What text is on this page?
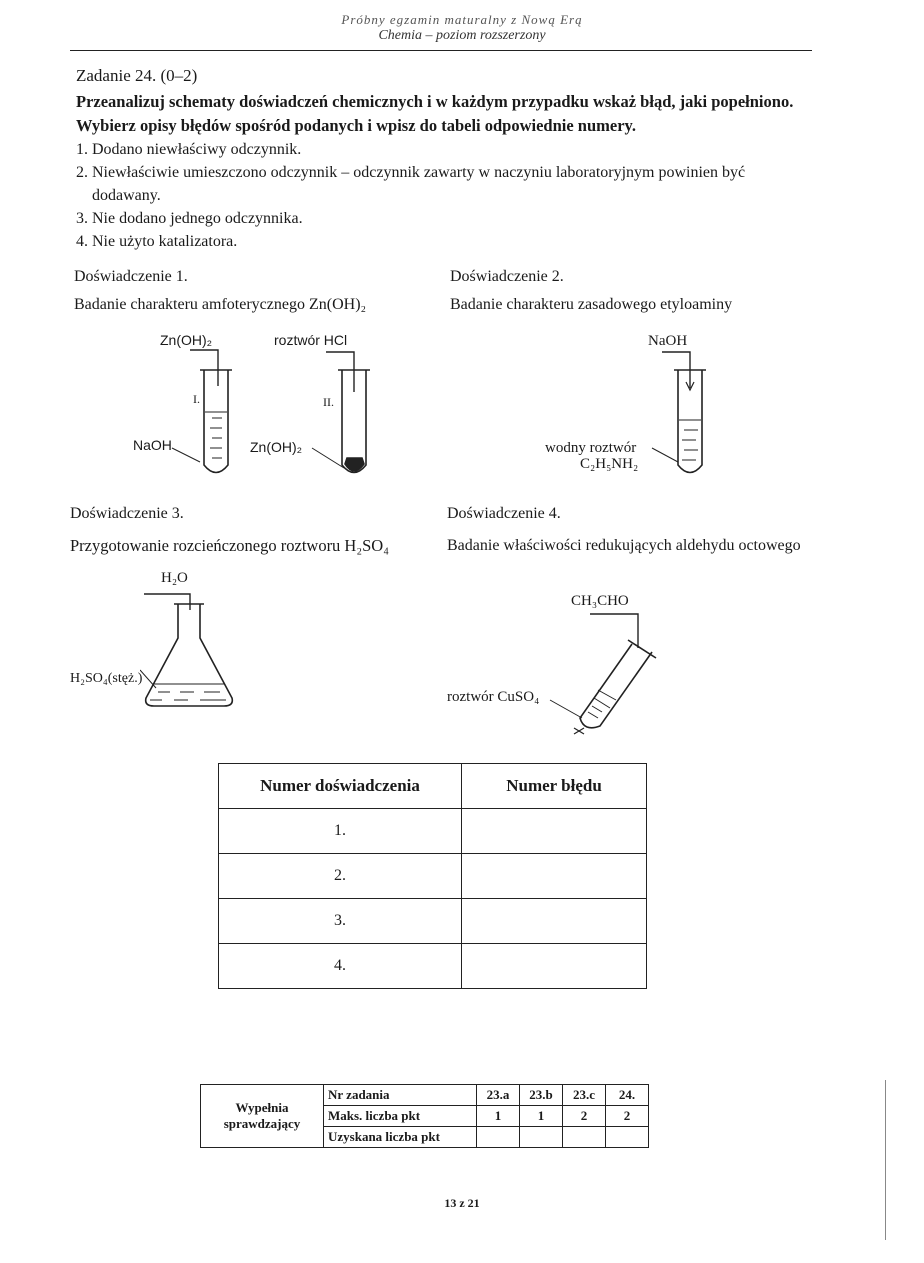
Próbny egzamin maturalny z Nową Erą
Chemia – poziom rozszerzony
Zadanie 24. (0–2)
Przeanalizuj schematy doświadczeń chemicznych i w każdym przypadku wskaż błąd, jaki popełniono. Wybierz opisy błędów spośród podanych i wpisz do tabeli odpowiednie numery.
1. Dodano niewłaściwy odczynnik.
2. Niewłaściwie umieszczono odczynnik – odczynnik zawarty w naczyniu laboratoryjnym powinien być dodawany.
3. Nie dodano jednego odczynnika.
4. Nie użyto katalizatora.
Doświadczenie 1.
Badanie charakteru amfoterycznego Zn(OH)₂
Zn(OH)₂	roztwór HCl
I.	II.
NaOH	Zn(OH)₂
Doświadczenie 2.
Badanie charakteru zasadowego etyloaminy
NaOH
wodny roztwór
C₂H₅NH₂
Doświadczenie 3.
Przygotowanie rozcieńczonego roztworu H₂SO₄
H₂O
H₂SO₄(stęż.)
Doświadczenie 4.
Badanie właściwości redukujących aldehydu octowego
CH₃CHO
roztwór CuSO₄
Numer doświadczenia	Numer błędu
1.	
2.	
3.	
4.	
Wypełnia sprawdzający	Nr zadania	23.a	23.b	23.c	24.
	Maks. liczba pkt	1	1	2	2
	Uzyskana liczba pkt				
13 z 21
